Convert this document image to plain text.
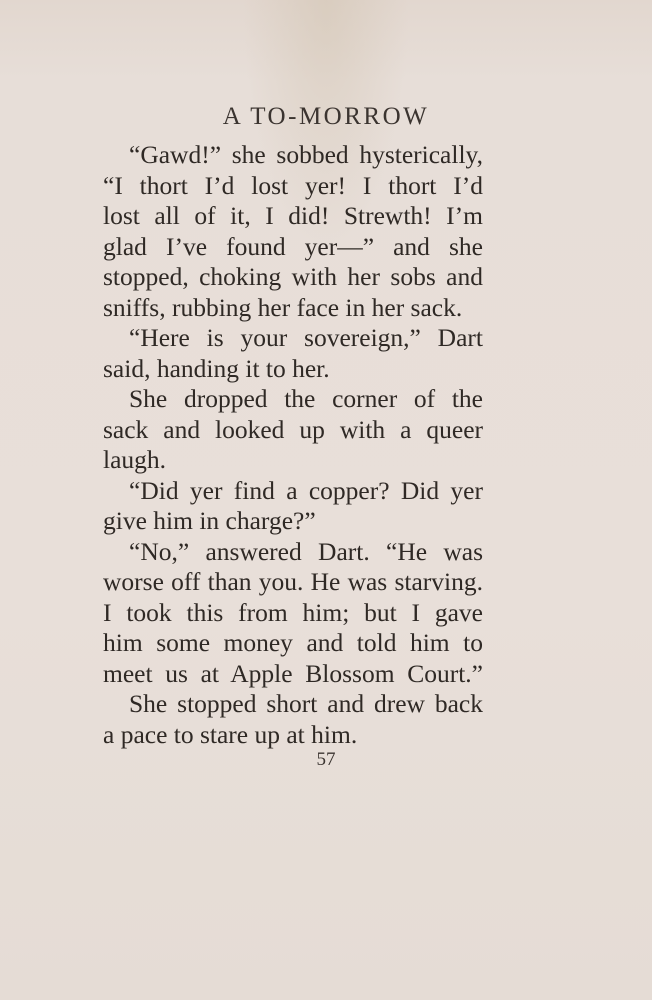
A TO-MORROW
“Gawd!” she sobbed hysterically,
“I thort I’d lost yer! I thort I’d
lost all of it, I did! Strewth! I’m
glad I’ve found yer—” and she
stopped, choking with her sobs and
sniffs, rubbing her face in her sack.
“Here is your sovereign,” Dart
said, handing it to her.
She dropped the corner of the
sack and looked up with a queer
laugh.
“Did yer find a copper? Did yer
give him in charge?”
“No,” answered Dart. “He was
worse off than you. He was starving.
I took this from him; but I gave
him some money and told him to
meet us at Apple Blossom Court.”
She stopped short and drew back
a pace to stare up at him.
57
